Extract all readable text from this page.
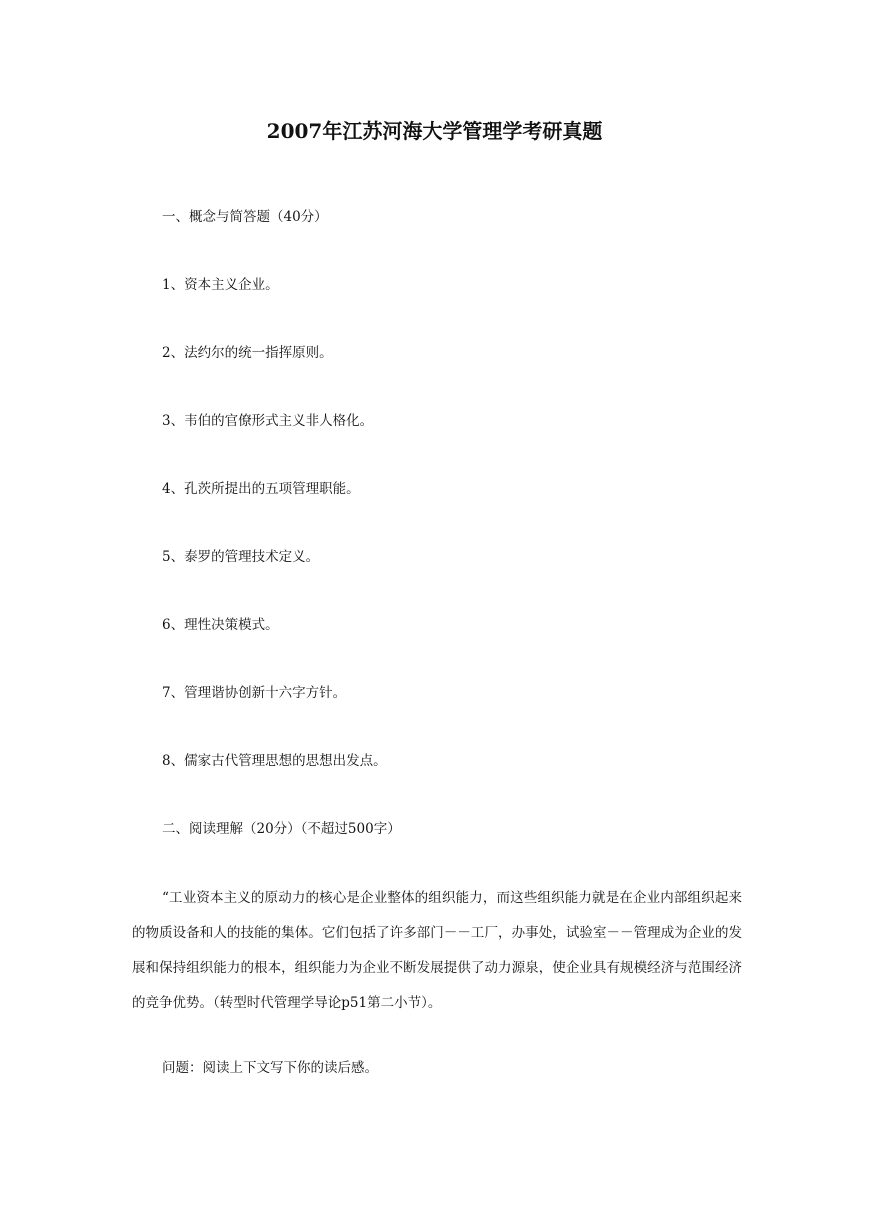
2007年江苏河海大学管理学考研真题
一、概念与简答题（40分）
1、资本主义企业。
2、法约尔的统一指挥原则。
3、韦伯的官僚形式主义非人格化。
4、孔茨所提出的五项管理职能。
5、泰罗的管理技术定义。
6、理性决策模式。
7、管理谐协创新十六字方针。
8、儒家古代管理思想的思想出发点。
二、阅读理解（20分）（不超过500字）
“工业资本主义的原动力的核心是企业整体的组织能力，而这些组织能力就是在企业内部组织起来的物质设备和人的技能的集体。它们包括了许多部门－－工厂，办事处，试验室－－管理成为企业的发展和保持组织能力的根本，组织能力为企业不断发展提供了动力源泉，使企业具有规模经济与范围经济的竞争优势。（转型时代管理学导论p51第二小节）。
问题：阅读上下文写下你的读后感。
